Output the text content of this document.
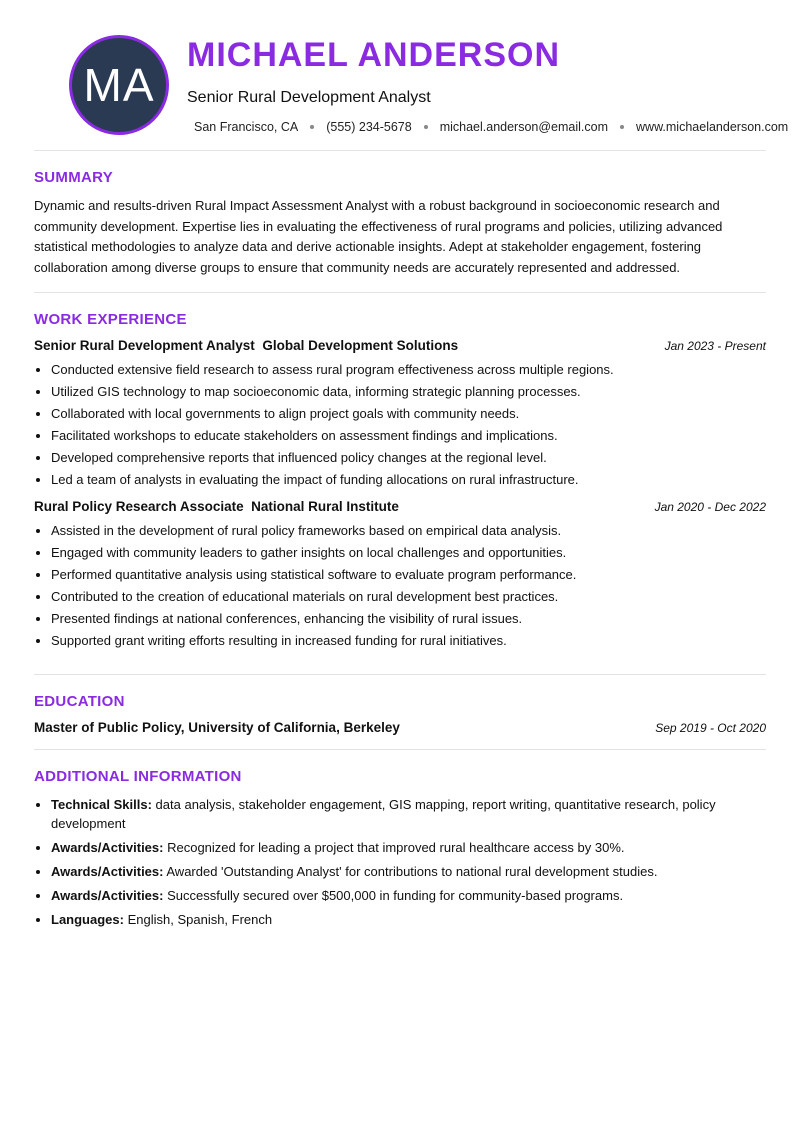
MA
MICHAEL ANDERSON
Senior Rural Development Analyst
San Francisco, CA (555) 234-5678 michael.anderson@email.com www.michaelanderson.com
SUMMARY

Dynamic and results-driven Rural Impact Assessment Analyst with a robust background in socioeconomic research and community development. Expertise lies in evaluating the effectiveness of rural programs and policies, utilizing advanced statistical methodologies to analyze data and derive actionable insights. Adept at stakeholder engagement, fostering collaboration among diverse groups to ensure that community needs are accurately represented and addressed.

WORK EXPERIENCE
Senior Rural Development Analyst Global Development Solutions	Jan 2023 - Present
• Conducted extensive field research to assess rural program effectiveness across multiple regions.
• Utilized GIS technology to map socioeconomic data, informing strategic planning processes.
• Collaborated with local governments to align project goals with community needs.
• Facilitated workshops to educate stakeholders on assessment findings and implications.
• Developed comprehensive reports that influenced policy changes at the regional level.
• Led a team of analysts in evaluating the impact of funding allocations on rural infrastructure.
Rural Policy Research Associate National Rural Institute	Jan 2020 - Dec 2022
• Assisted in the development of rural policy frameworks based on empirical data analysis.
• Engaged with community leaders to gather insights on local challenges and opportunities.
• Performed quantitative analysis using statistical software to evaluate program performance.
• Contributed to the creation of educational materials on rural development best practices.
• Presented findings at national conferences, enhancing the visibility of rural issues.
• Supported grant writing efforts resulting in increased funding for rural initiatives.
EDUCATION
Master of Public Policy, University of California, Berkeley	Sep 2019 - Oct 2020
ADDITIONAL INFORMATION
• Technical Skills: data analysis, stakeholder engagement, GIS mapping, report writing, quantitative research, policy development
• Awards/Activities: Recognized for leading a project that improved rural healthcare access by 30%.
• Awards/Activities: Awarded 'Outstanding Analyst' for contributions to national rural development studies.
• Awards/Activities: Successfully secured over $500,000 in funding for community-based programs.
• Languages: English, Spanish, French
